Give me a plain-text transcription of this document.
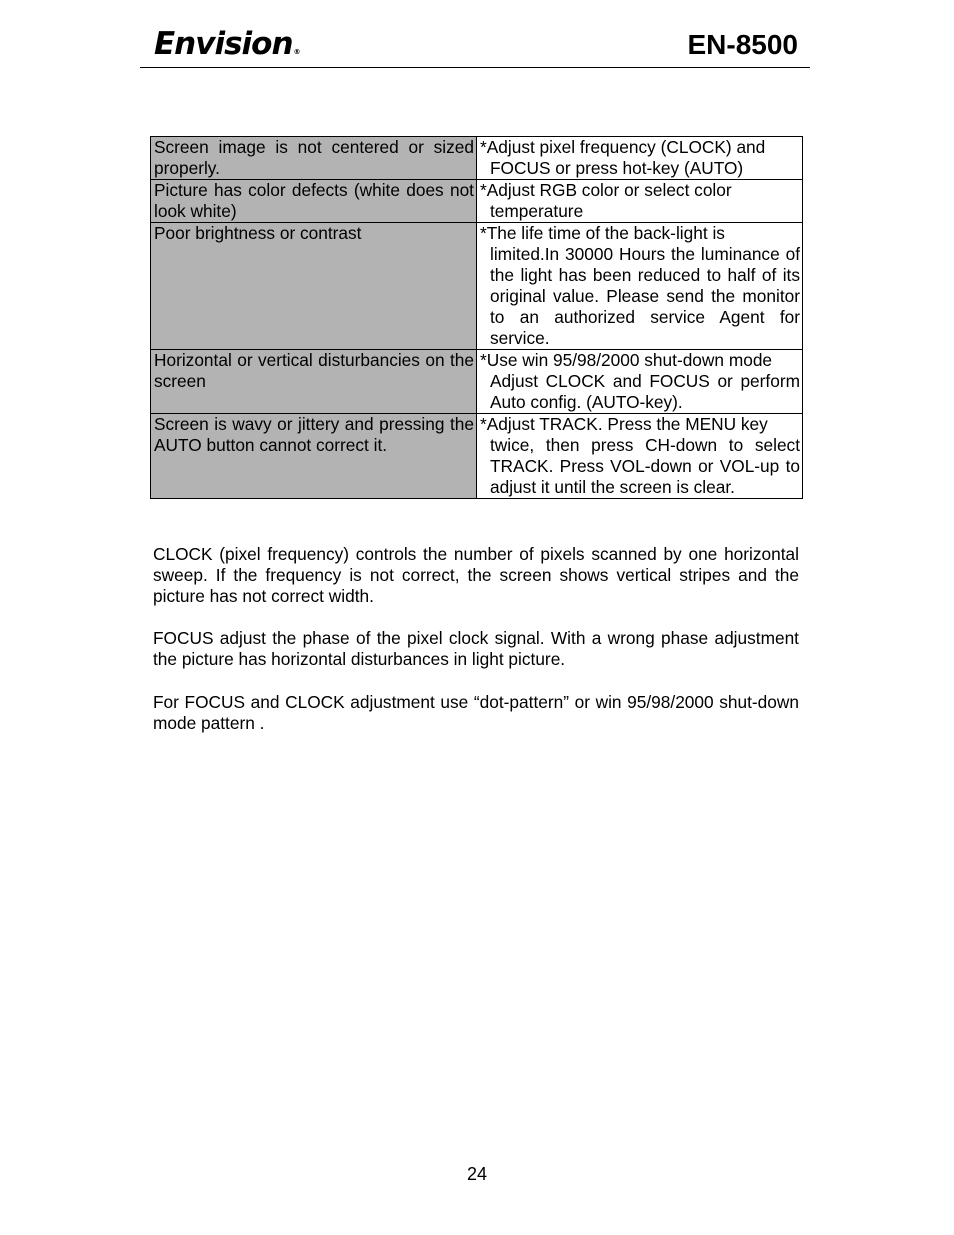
Envision®	EN-8500
Screen image is not centered or sized properly.	*Adjust pixel frequency (CLOCK) and
FOCUS or press hot-key (AUTO)

Picture has color defects (white does not look white)	*Adjust RGB color or select color
temperature

Poor brightness or contrast	*The life time of the back-light is
limited.In 30000 Hours the luminance of the light has been reduced to half of its original value. Please send the monitor to an authorized service Agent for service.

Horizontal or vertical disturbancies on the screen	*Use win 95/98/2000 shut-down mode
Adjust CLOCK and FOCUS or perform Auto config. (AUTO-key).

Screen is wavy or jittery and pressing the AUTO button cannot correct it.	*Adjust TRACK. Press the MENU key
twice, then press CH-down to select TRACK. Press VOL-down or VOL-up to adjust it until the screen is clear.

CLOCK (pixel frequency) controls the number of pixels scanned by one horizontal sweep. If the frequency is not correct, the screen shows vertical stripes and the picture has not correct width.

FOCUS adjust the phase of the pixel clock signal. With a wrong phase adjustment the picture has horizontal disturbances in light picture.

For FOCUS and CLOCK adjustment use “dot-pattern” or win 95/98/2000 shut-down mode pattern .

24
